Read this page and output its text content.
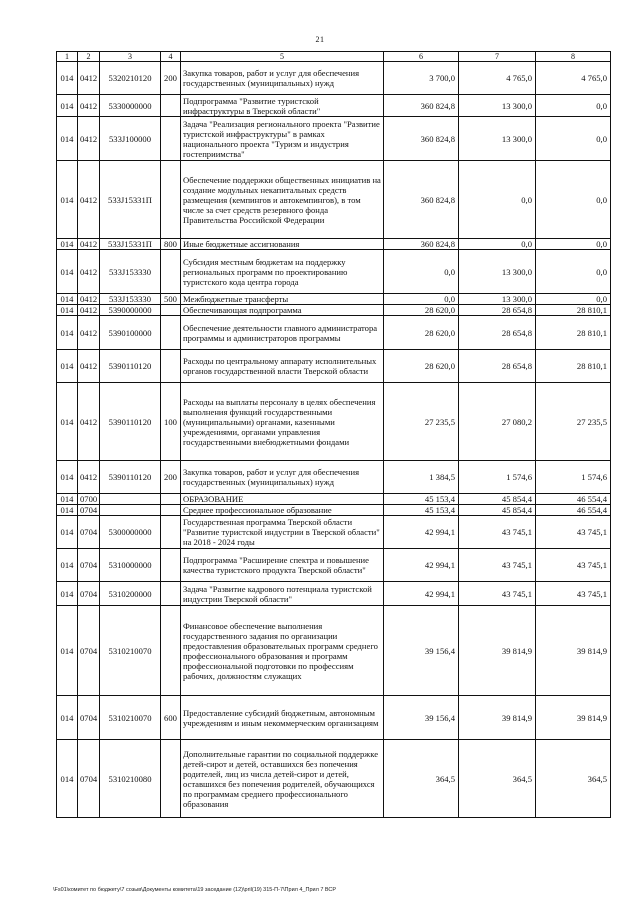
21
1	2	3	4	5	6	7	8
014	0412	5320210120	200	Закупка товаров, работ и услуг для обеспечения государственных (муниципальных) нужд	3 700,0	4 765,0	4 765,0
014	0412	5330000000		Подпрограмма "Развитие туристской инфраструктуры в Тверской области"	360 824,8	13 300,0	0,0
014	0412	533J100000		Задача "Реализация регионального проекта "Развитие туристской инфраструктуры" в рамках национального проекта "Туризм и индустрия гостеприимства"	360 824,8	13 300,0	0,0
014	0412	533J15331П		Обеспечение поддержки общественных инициатив на создание модульных некапитальных средств размещения (кемпингов и автокемпингов), в том числе за счет средств резервного фонда Правительства Российской Федерации	360 824,8	0,0	0,0
014	0412	533J15331П	800	Иные бюджетные ассигнования	360 824,8	0,0	0,0
014	0412	533J153330		Субсидия местным бюджетам на поддержку региональных программ по проектированию туристского кода центра города	0,0	13 300,0	0,0
014	0412	533J153330	500	Межбюджетные трансферты	0,0	13 300,0	0,0
014	0412	5390000000		Обеспечивающая подпрограмма	28 620,0	28 654,8	28 810,1
014	0412	5390100000		Обеспечение деятельности главного администратора программы и администраторов программы	28 620,0	28 654,8	28 810,1
014	0412	5390110120		Расходы по центральному аппарату исполнительных органов государственной власти Тверской области	28 620,0	28 654,8	28 810,1
014	0412	5390110120	100	Расходы на выплаты персоналу в целях обеспечения выполнения функций государственными (муниципальными) органами, казенными учреждениями, органами управления государственными внебюджетными фондами	27 235,5	27 080,2	27 235,5
014	0412	5390110120	200	Закупка товаров, работ и услуг для обеспечения государственных (муниципальных) нужд	1 384,5	1 574,6	1 574,6
014	0700			ОБРАЗОВАНИЕ	45 153,4	45 854,4	46 554,4
014	0704			Среднее профессиональное образование	45 153,4	45 854,4	46 554,4
014	0704	5300000000		Государственная программа Тверской области "Развитие туристской индустрии в Тверской области" на 2018 - 2024 годы	42 994,1	43 745,1	43 745,1
014	0704	5310000000		Подпрограмма "Расширение спектра и повышение качества туристского продукта Тверской области"	42 994,1	43 745,1	43 745,1
014	0704	5310200000		Задача "Развитие кадрового потенциала туристской индустрии Тверской области"	42 994,1	43 745,1	43 745,1
014	0704	5310210070		Финансовое обеспечение выполнения государственного задания по организации предоставления образовательных программ среднего профессионального образования и программ профессиональной подготовки по профессиям рабочих, должностям служащих	39 156,4	39 814,9	39 814,9
014	0704	5310210070	600	Предоставление субсидий бюджетным, автономным учреждениям и иным некоммерческим организациям	39 156,4	39 814,9	39 814,9
014	0704	5310210080		Дополнительные гарантии по социальной поддержке детей-сирот и детей, оставшихся без попечения родителей, лиц из числа детей-сирот и детей, оставшихся без попечения родителей, обучающихся по программам среднего профессионального образования	364,5	364,5	364,5
\Fs01\комитет по бюджету\7 созыв\Документы комитета\19 заседание (12)\pril(19) 315-П-7\Прил 4_Прил 7 ВСР
